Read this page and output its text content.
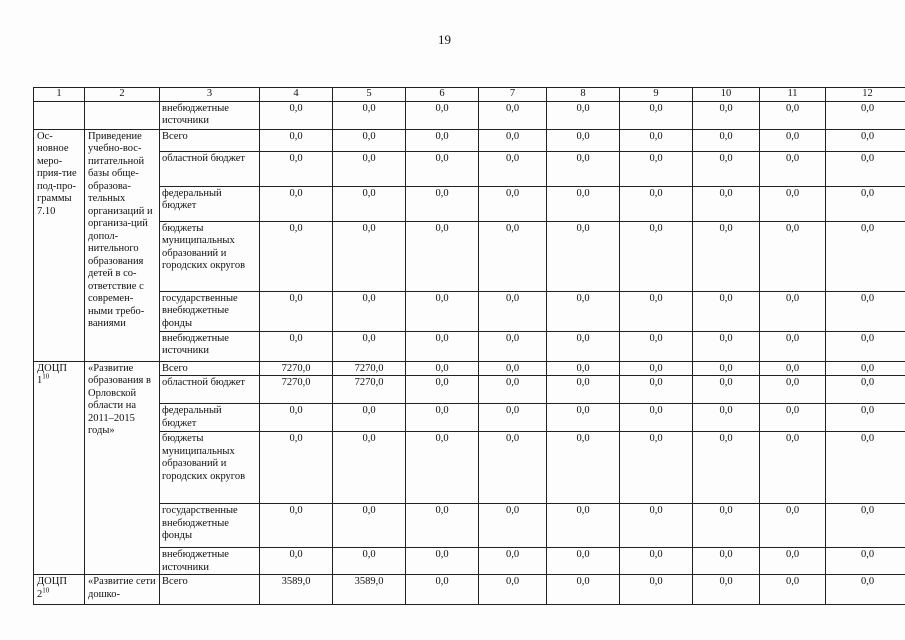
19
1	2	3	4	5	6	7	8	9	10	11	12
		внебюджетные источники	0,0	0,0	0,0	0,0	0,0	0,0	0,0	0,0	0,0
Ос-новное меро-прия-тие под-про-граммы 7.10	Приведение учебно-вос-питательной базы обще-образова-тельных организаций и организа-ций допол-нительного образования детей в со-ответствие с современ-ными требо-ваниями	Всего	0,0	0,0	0,0	0,0	0,0	0,0	0,0	0,0	0,0
		областной бюджет	0,0	0,0	0,0	0,0	0,0	0,0	0,0	0,0	0,0
		федеральный бюджет	0,0	0,0	0,0	0,0	0,0	0,0	0,0	0,0	0,0
		бюджеты муниципальных образований и городских округов	0,0	0,0	0,0	0,0	0,0	0,0	0,0	0,0	0,0
		государственные внебюджетные фонды	0,0	0,0	0,0	0,0	0,0	0,0	0,0	0,0	0,0
		внебюджетные источники	0,0	0,0	0,0	0,0	0,0	0,0	0,0	0,0	0,0
ДОЦП $1^{10}$	«Развитие образования в Орловской области на 2011–2015 годы»	Всего	7270,0	7270,0	0,0	0,0	0,0	0,0	0,0	0,0	0,0
		областной бюджет	7270,0	7270,0	0,0	0,0	0,0	0,0	0,0	0,0	0,0
		федеральный бюджет	0,0	0,0	0,0	0,0	0,0	0,0	0,0	0,0	0,0
		бюджеты муниципальных образований и городских округов	0,0	0,0	0,0	0,0	0,0	0,0	0,0	0,0	0,0
		государственные внебюджетные фонды	0,0	0,0	0,0	0,0	0,0	0,0	0,0	0,0	0,0
		внебюджетные источники	0,0	0,0	0,0	0,0	0,0	0,0	0,0	0,0	0,0
ДОЦП $2^{10}$	«Развитие сети дошко-	Всего	3589,0	3589,0	0,0	0,0	0,0	0,0	0,0	0,0	0,0
